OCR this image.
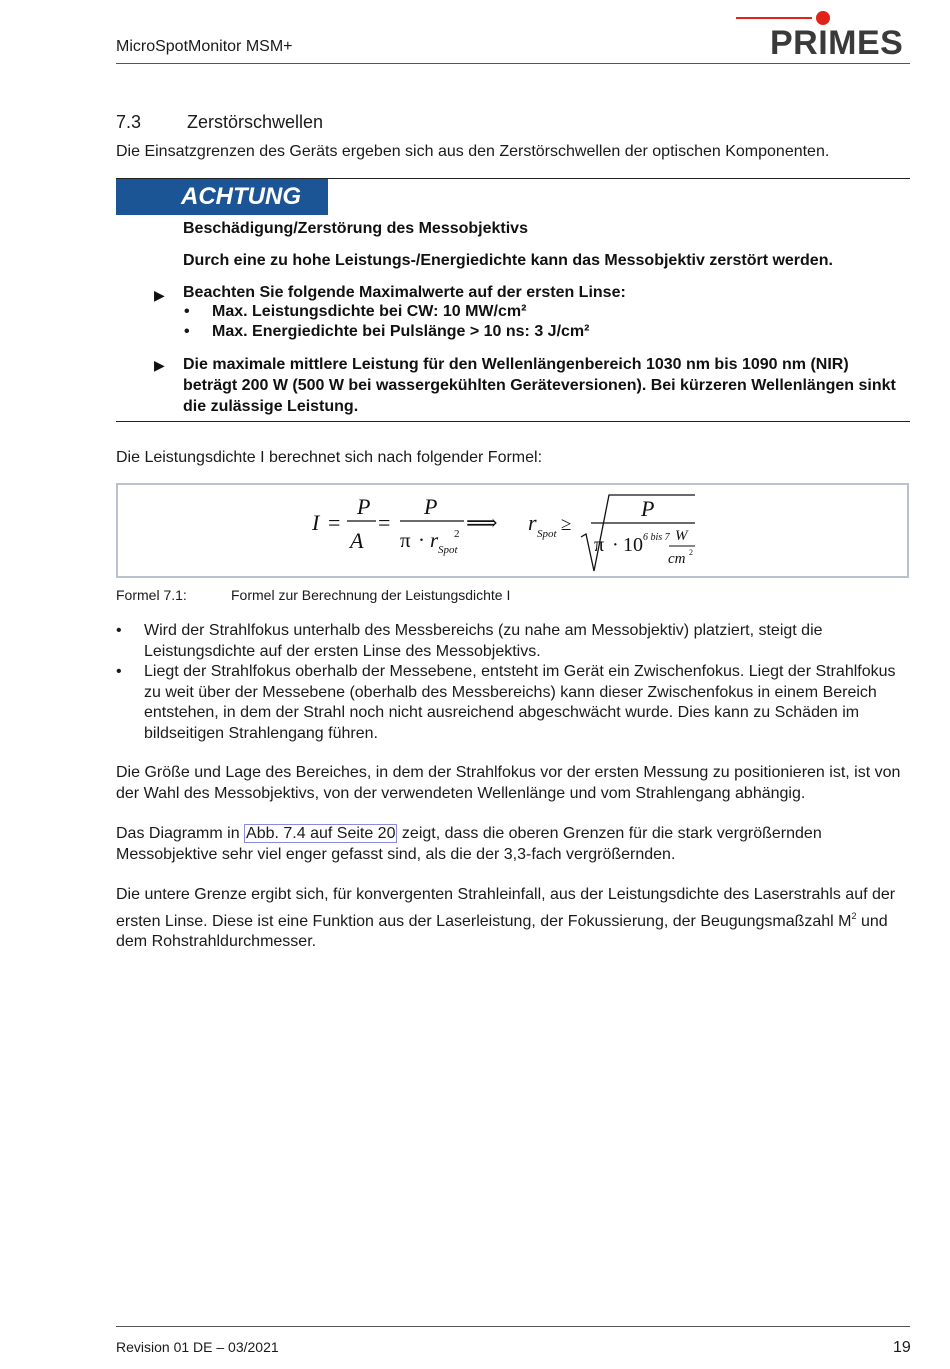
MicroSpotMonitor MSM+	PRIMES
7.3	Zerstörschwellen
Die Einsatzgrenzen des Geräts ergeben sich aus den Zerstörschwellen der optischen Komponenten.
ACHTUNG
Beschädigung/Zerstörung des Messobjektivs
Durch eine zu hohe Leistungs-/Energiedichte kann das Messobjektiv zerstört werden.
▶ Beachten Sie folgende Maximalwerte auf der ersten Linse:
• Max. Leistungsdichte bei CW: 10 MW/cm²
• Max. Energiedichte bei Pulslänge > 10 ns: 3 J/cm²
▶ Die maximale mittlere Leistung für den Wellenlängenbereich 1030 nm bis 1090 nm (NIR) beträgt 200 W (500 W bei wassergekühlten Geräteversionen). Bei kürzeren Wellenlängen sinkt die zulässige Leistung.
Die Leistungsdichte I berechnet sich nach folgender Formel:
I =
P
A
=
P
π · r Spot
2 ⟹ r Spot ≥
P
π · 10 6 bis 7 W
cm 2
Formel 7.1:	Formel zur Berechnung der Leistungsdichte I
• Wird der Strahlfokus unterhalb des Messbereichs (zu nahe am Messobjektiv) platziert, steigt die Leistungsdichte auf der ersten Linse des Messobjektivs.
• Liegt der Strahlfokus oberhalb der Messebene, entsteht im Gerät ein Zwischenfokus. Liegt der Strahlfokus zu weit über der Messebene (oberhalb des Messbereichs) kann dieser Zwischenfokus in einem Bereich entstehen, in dem der Strahl noch nicht ausreichend abgeschwächt wurde. Dies kann zu Schäden im bildseitigen Strahlengang führen.
Die Größe und Lage des Bereiches, in dem der Strahlfokus vor der ersten Messung zu positionieren ist, ist von der Wahl des Messobjektivs, von der verwendeten Wellenlänge und vom Strahlengang abhängig.
Das Diagramm in Abb. 7.4 auf Seite 20 zeigt, dass die oberen Grenzen für die stark vergrößernden Messobjektive sehr viel enger gefasst sind, als die der 3,3-fach vergrößernden.
Die untere Grenze ergibt sich, für konvergenten Strahleinfall, aus der Leistungsdichte des Laserstrahls auf der ersten Linse. Diese ist eine Funktion aus der Laserleistung, der Fokussierung, der Beugungsmaßzahl $M^2$ und dem Rohstrahldurchmesser.
Revision 01 DE – 03/2021	19
